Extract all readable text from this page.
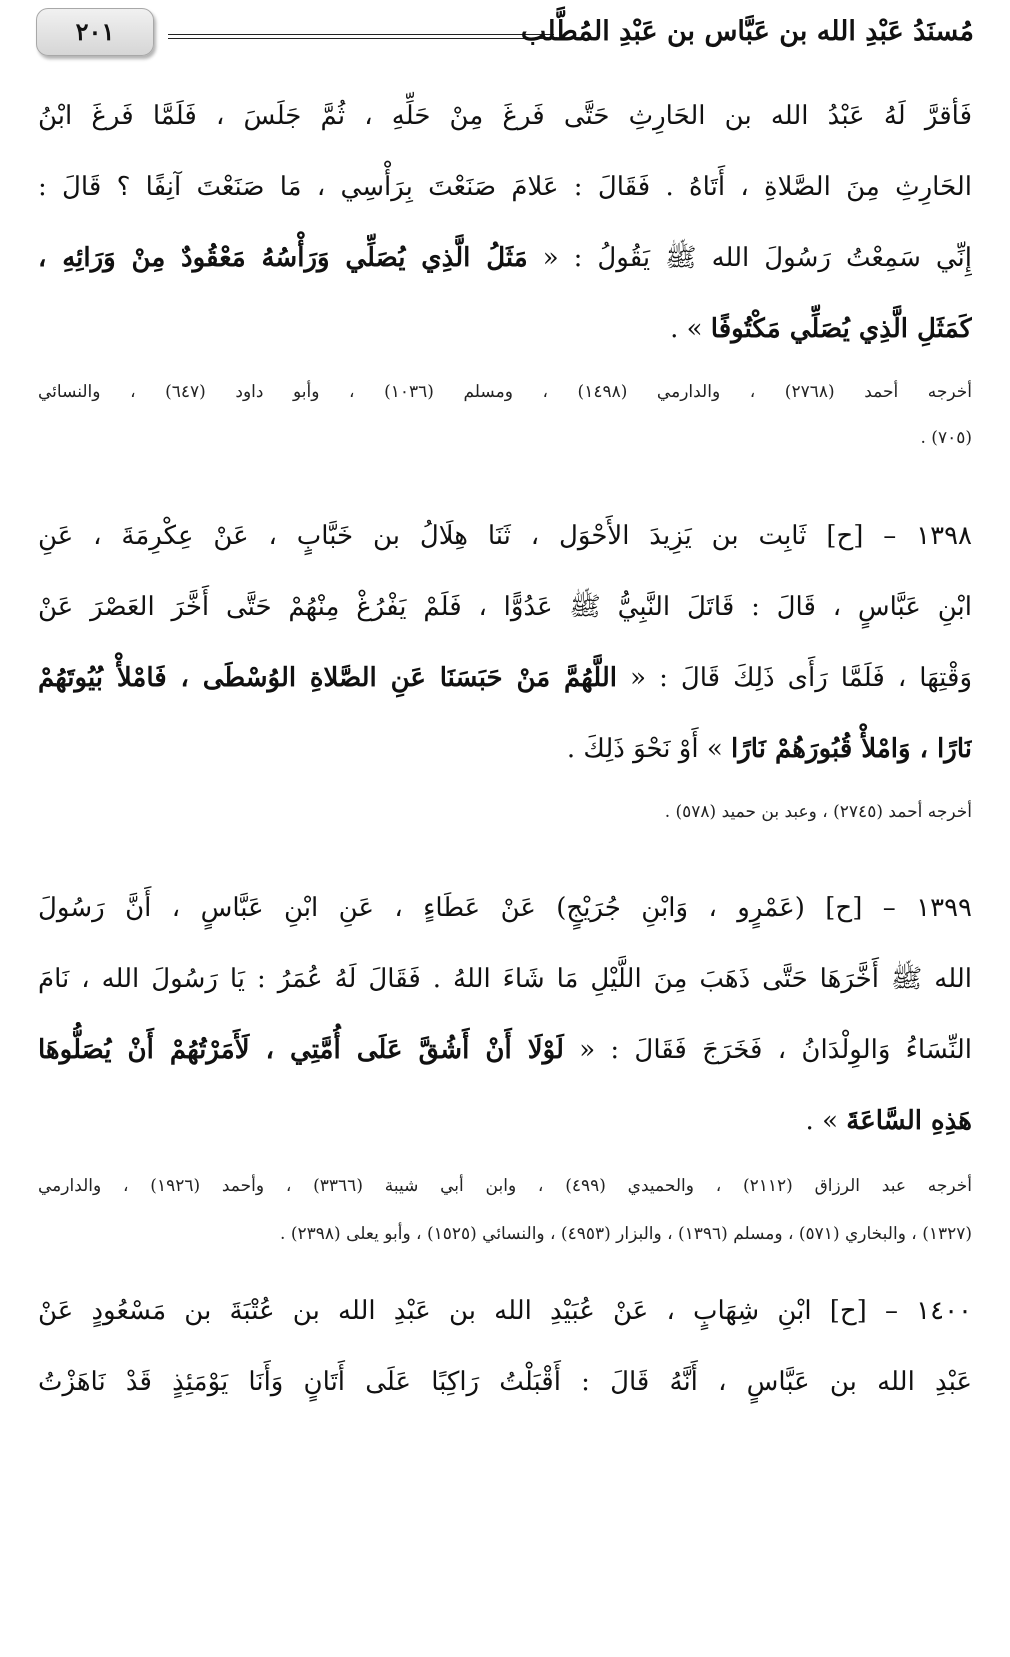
٢٠١	مُسنَدُ عَبْدِ الله بن عَبَّاس بن عَبْدِ المُطَّلب
فَأقرَّ لَهُ عَبْدُ الله بن الحَارِثِ حَتَّى فَرغَ مِنْ حَلِّهِ ، ثُمَّ جَلَسَ ، فَلَمَّا فَرغَ ابْنُ
الحَارِثِ مِنَ الصَّلاةِ ، أَتَاهُ . فَقَالَ : عَلامَ صَنَعْتَ بِرَأْسِي ، مَا صَنَعْتَ آنِفًا ؟ قَالَ :
إِنِّي سَمِعْتُ رَسُولَ الله ﷺ يَقُولُ : « مَثَلُ الَّذِي يُصَلِّي وَرَأْسُهُ مَعْقُودٌ مِنْ وَرَائِهِ ،
كَمَثَلِ الَّذِي يُصَلِّي مَكْتُوفًا » .
أخرجه أحمد (٢٧٦٨) ، والدارمي (١٤٩٨) ، ومسلم (١٠٣٦) ، وأبو داود (٦٤٧) ، والنسائي
(٧٠٥) .
١٣٩٨ – [ح] ثَابِت بن يَزِيدَ الأَحْوَل ، ثَنَا هِلَالُ بن خَبَّابٍ ، عَنْ عِكْرِمَةَ ، عَنِ
ابْنِ عَبَّاسٍ ، قَالَ : قَاتَلَ النَّبِيُّ ﷺ عَدُوًّا ، فَلَمْ يَفْرُغْ مِنْهُمْ حَتَّى أَخَّرَ العَصْرَ عَنْ
وَقْتِهَا ، فَلَمَّا رَأَى ذَلِكَ قَالَ : « اللَّهُمَّ مَنْ حَبَسَنَا عَنِ الصَّلاةِ الوُسْطَى ، فَامْلأْ بُيُوتَهُمْ
نَارًا ، وَامْلأْ قُبُورَهُمْ نَارًا » أَوْ نَحْوَ ذَلِكَ .
أخرجه أحمد (٢٧٤٥) ، وعبد بن حميد (٥٧٨) .
١٣٩٩ – [ح] (عَمْرٍو ، وَابْنِ جُرَيْجٍ) عَنْ عَطَاءٍ ، عَنِ ابْنِ عَبَّاسٍ ، أَنَّ رَسُولَ
الله ﷺ أَخَّرَهَا حَتَّى ذَهَبَ مِنَ اللَّيْلِ مَا شَاءَ اللهُ . فَقَالَ لَهُ عُمَرُ : يَا رَسُولَ الله ، نَامَ
النِّسَاءُ وَالوِلْدَانُ ، فَخَرَجَ فَقَالَ : « لَوْلَا أَنْ أَشُقَّ عَلَى أُمَّتِي ، لَأَمَرْتُهُمْ أَنْ يُصَلُّوهَا
هَذِهِ السَّاعَةَ » .
أخرجه عبد الرزاق (٢١١٢) ، والحميدي (٤٩٩) ، وابن أبي شيبة (٣٣٦٦) ، وأحمد (١٩٢٦) ، والدارمي
(١٣٢٧) ، والبخاري (٥٧١) ، ومسلم (١٣٩٦) ، والبزار (٤٩٥٣) ، والنسائي (١٥٢٥) ، وأبو يعلى (٢٣٩٨) .
١٤٠٠ – [ح] ابْنِ شِهَابٍ ، عَنْ عُبَيْدِ الله بن عَبْدِ الله بن عُتْبَةَ بن مَسْعُودٍ عَنْ
عَبْدِ الله بن عَبَّاسٍ ، أَنَّهُ قَالَ : أَقْبَلْتُ رَاكِبًا عَلَى أَتَانٍ وَأَنَا يَوْمَئِذٍ قَدْ نَاهَزْتُ
